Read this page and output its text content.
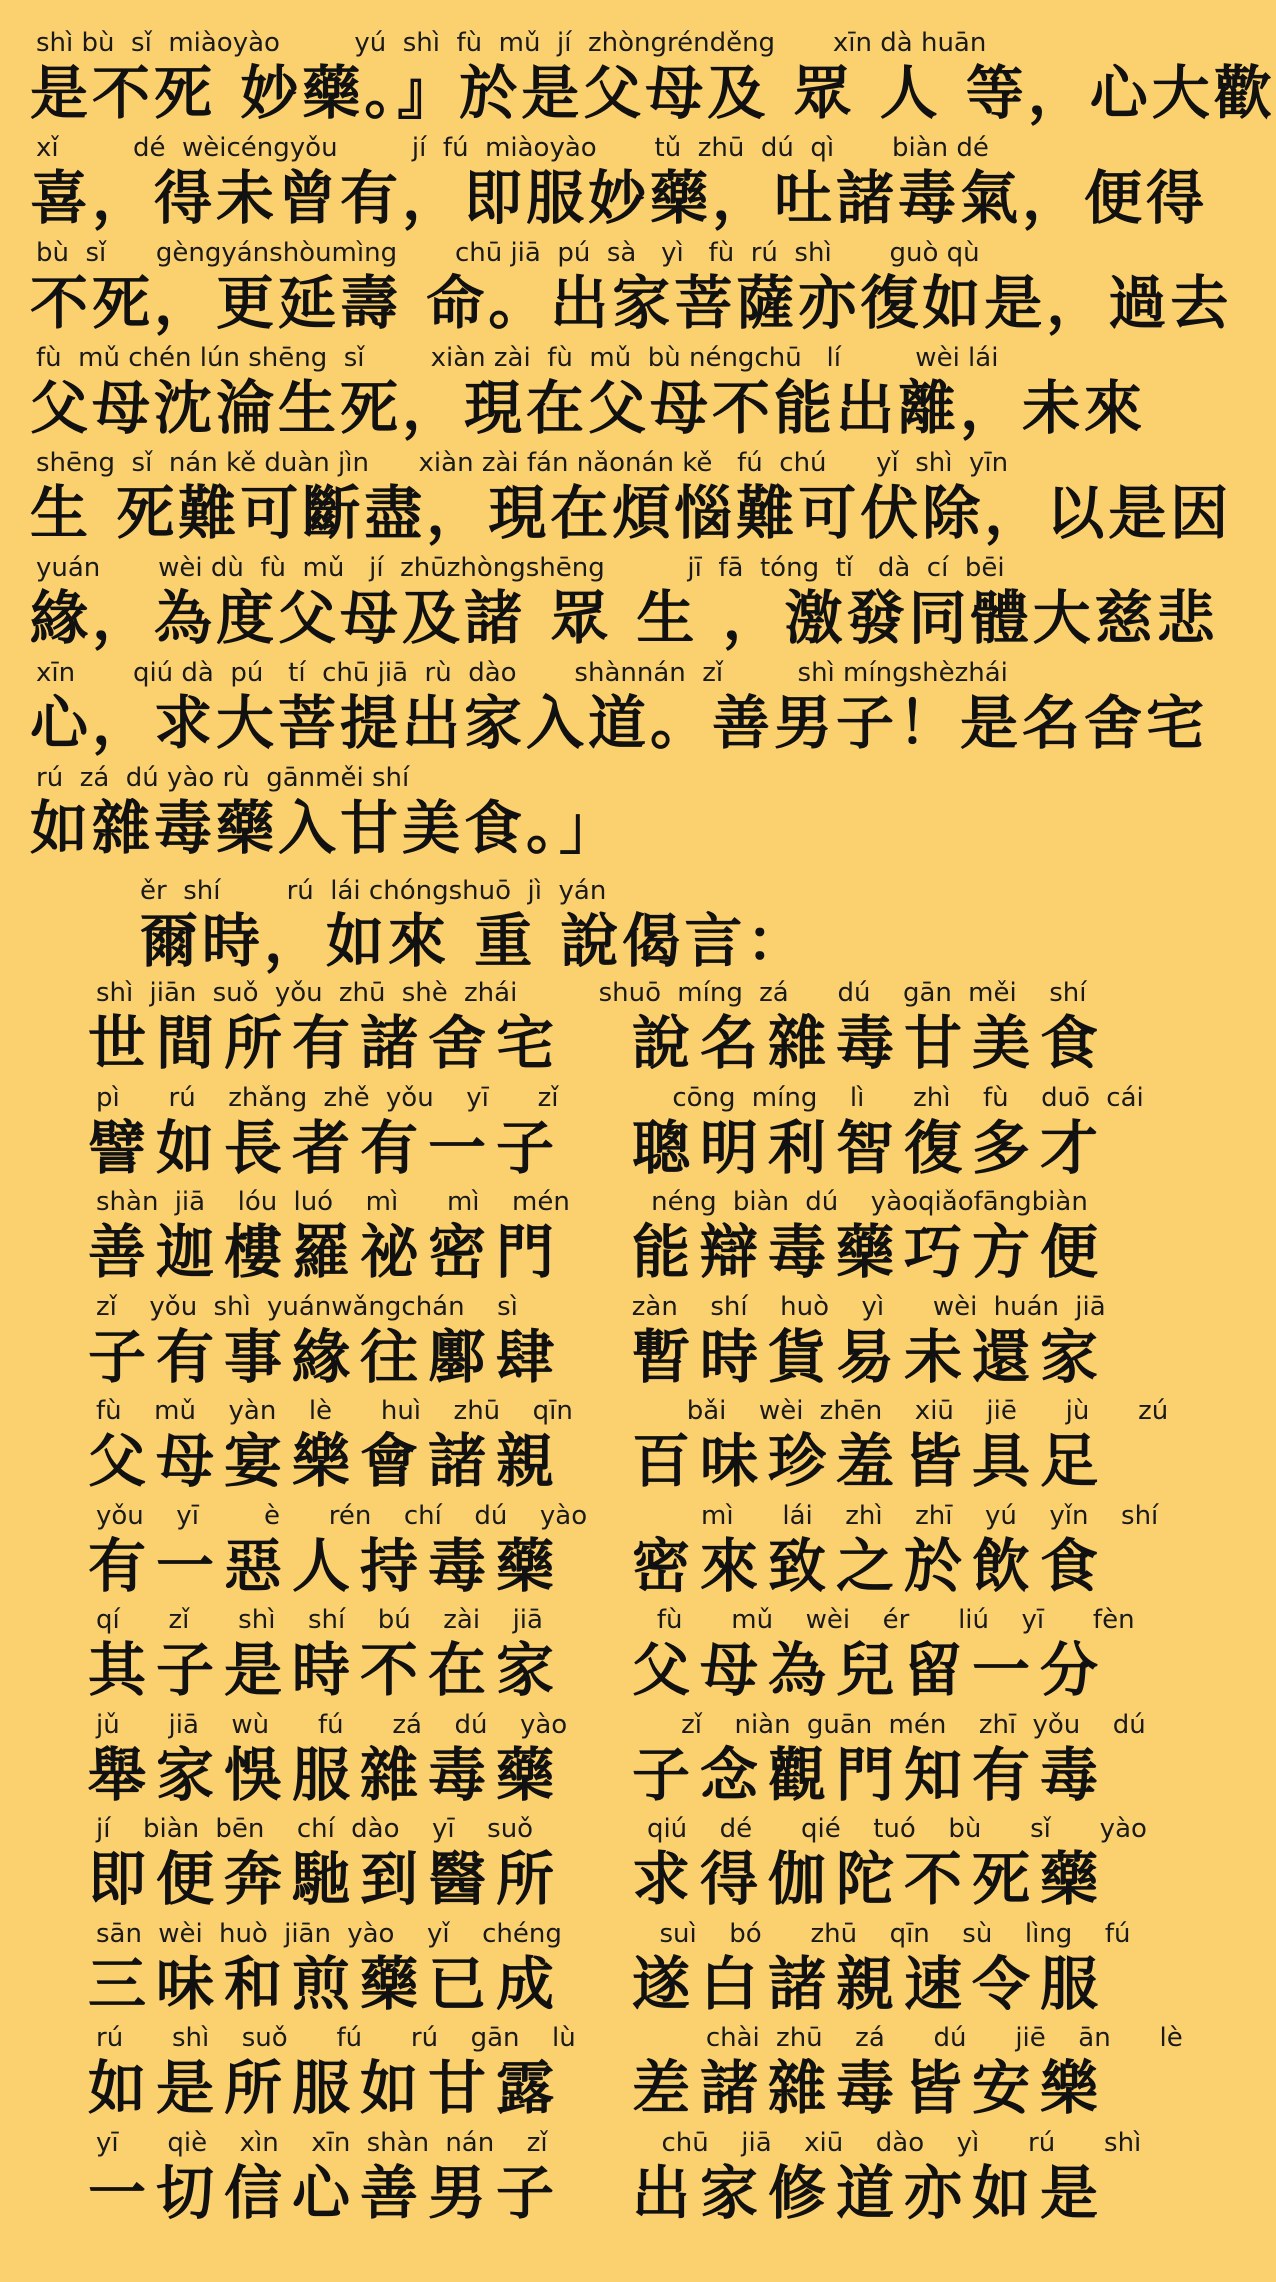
shì bù  sǐ  miàoyào         yú  shì  fù  mǔ  jí  zhòngrénděng       xīn dà huān
是不死 妙藥。』於是父母及 眾 人 等，心大歡
xǐ         dé  wèicéngyǒu         jí  fú  miàoyào       tǔ  zhū  dú  qì       biàn dé
喜，得未曾有，即服妙藥，吐諸毒氣，便得
bù  sǐ      gèngyánshòumìng       chū jiā  pú  sà   yì   fù  rú  shì       guò qù
不死，更延壽 命。出家菩薩亦復如是，過去
fù  mǔ chén lún shēng  sǐ        xiàn zài  fù  mǔ  bù néngchū   lí         wèi lái
父母沈淪生死，現在父母不能出離，未來
shēng  sǐ  nán kě duàn jìn      xiàn zài fán nǎonán kě   fú  chú      yǐ  shì  yīn
生 死難可斷盡，現在煩惱難可伏除，以是因
yuán       wèi dù  fù  mǔ   jí  zhūzhòngshēng          jī  fā  tóng  tǐ   dà  cí  bēi
緣，為度父母及諸 眾 生 ，激發同體大慈悲
xīn       qiú dà  pú   tí  chū jiā  rù  dào       shànnán  zǐ         shì míngshèzhái
心，求大菩提出家入道。善男子！是名舍宅
rú  zá  dú yào rù  gānměi shí
如雜毒藥入甘美食。」
ěr  shí        rú  lái chóngshuō  jì  yán
爾時，如來 重 說偈言：
shì jiān suǒ yǒu zhū shè zhái     shuō míng zá   dú  gān měi  shí
世間所有諸舍宅　說名雜毒甘美食
pì   rú  zhǎng zhě yǒu  yī   zǐ       cōng míng  lì   zhì  fù  duō cái
譬如長者有一子　聰明利智復多才
shàn jiā  lóu luó  mì   mì  mén     néng biàn dú  yàoqiǎofāngbiàn
善迦樓羅祕密門　能辯毒藥巧方便
zǐ  yǒu shì yuánwǎngchán  sì       zàn  shí  huò  yì   wèi huán jiā
子有事緣往鄽肆　暫時貨易未還家
fù  mǔ  yàn  lè   huì  zhū  qīn       bǎi  wèi zhēn  xiū  jiē   jù   zú
父母宴樂會諸親　百味珍羞皆具足
yǒu  yī    è   rén  chí  dú  yào       mì   lái  zhì  zhī  yú  yǐn  shí
有一惡人持毒藥　密來致之於飲食
qí   zǐ   shì  shí  bú  zài  jiā       fù   mǔ  wèi  ér   liú  yī   fèn
其子是時不在家　父母為兒留一分
jǔ   jiā  wù   fú   zá  dú  yào       zǐ  niàn guān mén  zhī yǒu  dú
舉家悞服雜毒藥　子念觀門知有毒
jí  biàn bēn  chí dào  yī  suǒ       qiú  dé   qié  tuó  bù   sǐ   yào
即便奔馳到醫所　求得伽陀不死藥
sān wèi huò jiān yào  yǐ  chéng      suì  bó   zhū  qīn  sù  lìng  fú
三味和煎藥已成　遂白諸親速令服
rú   shì  suǒ   fú   rú  gān  lù        chài zhū  zá   dú   jiē  ān   lè
如是所服如甘露　差諸雜毒皆安樂
yī   qiè  xìn  xīn shàn nán  zǐ       chū  jiā  xiū  dào  yì   rú   shì
一切信心善男子　出家修道亦如是
